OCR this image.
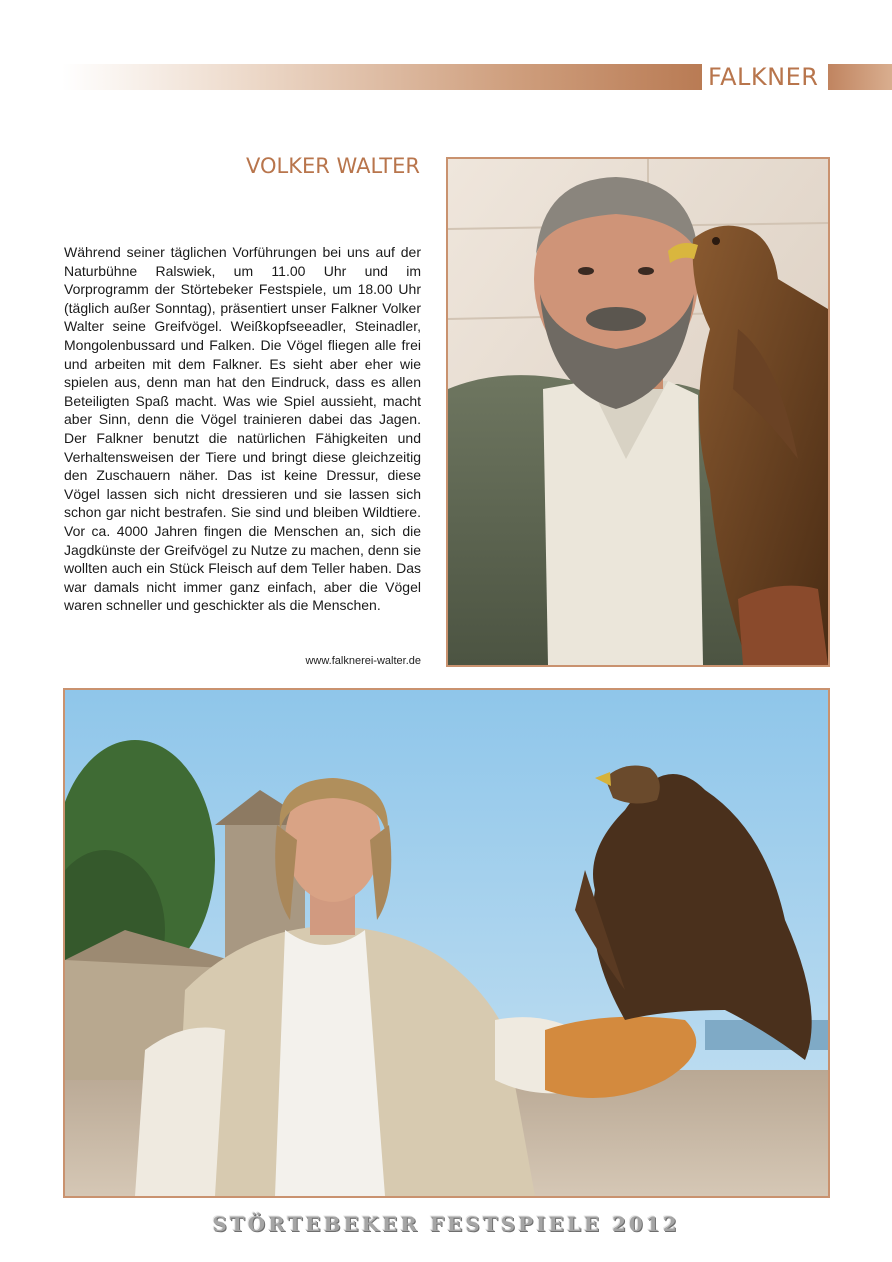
FALKNER
VOLKER WALTER
Während seiner täglichen Vorführungen bei uns auf der Naturbühne Ralswiek, um 11.00 Uhr und im Vorprogramm der Störtebeker Festspiele, um 18.00 Uhr (täglich außer Sonntag), präsentiert unser Falkner Volker Walter seine Greifvögel. Weißkopfseeadler, Steinadler, Mongolenbussard und Falken. Die Vögel fliegen alle frei und arbeiten mit dem Falkner. Es sieht aber eher wie spielen aus, denn man hat den Eindruck, dass es allen Beteiligten Spaß macht. Was wie Spiel aussieht, macht aber Sinn, denn die Vögel trainieren dabei das Jagen. Der Falkner benutzt die natürlichen Fähigkeiten und Verhaltensweisen der Tiere und bringt diese gleichzeitig den Zuschauern näher. Das ist keine Dressur, diese Vögel lassen sich nicht dressieren und sie lassen sich schon gar nicht bestrafen. Sie sind und bleiben Wildtiere. Vor ca. 4000 Jahren fingen die Menschen an, sich die Jagdkünste der Greifvögel zu Nutze zu machen, denn sie wollten auch ein Stück Fleisch auf dem Teller haben. Das war damals nicht immer ganz einfach, aber die Vögel waren schneller und geschickter als die Menschen.
www.falknerei-walter.de
STÖRTEBEKER FESTSPIELE 2012
